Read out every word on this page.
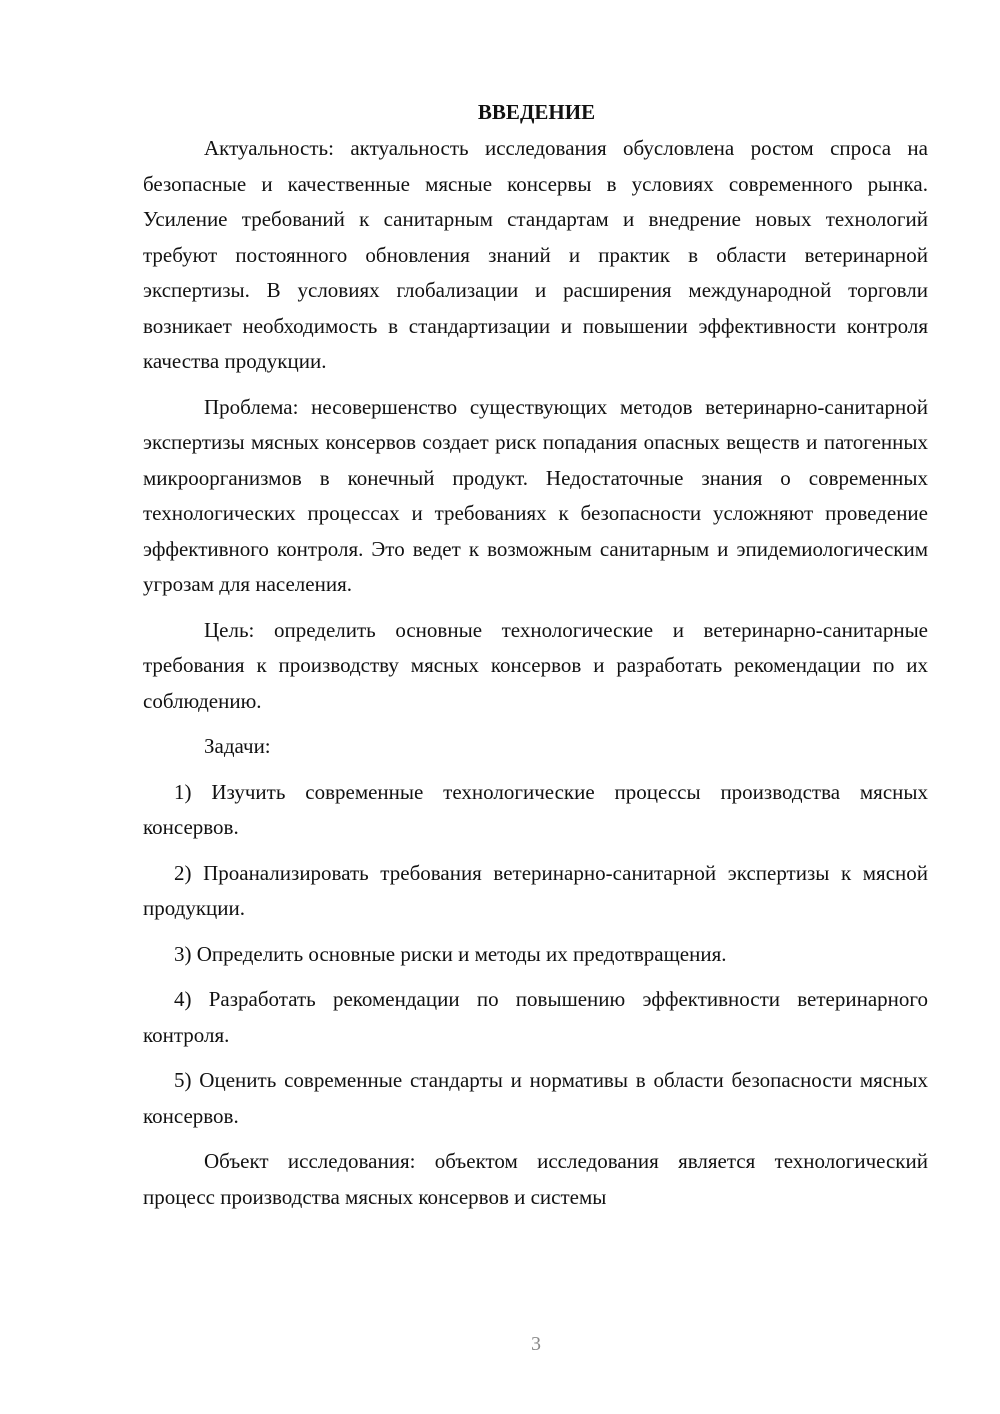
ВВЕДЕНИЕ

Актуальность: актуальность исследования обусловлена ростом спроса на безопасные и качественные мясные консервы в условиях современного рынка. Усиление требований к санитарным стандартам и внедрение новых технологий требуют постоянного обновления знаний и практик в области ветеринарной экспертизы. В условиях глобализации и расширения международной торговли возникает необходимость в стандартизации и повышении эффективности контроля качества продукции.

Проблема: несовершенство существующих методов ветеринарно-санитарной экспертизы мясных консервов создает риск попадания опасных веществ и патогенных микроорганизмов в конечный продукт. Недостаточные знания о современных технологических процессах и требованиях к безопасности усложняют проведение эффективного контроля. Это ведет к возможным санитарным и эпидемиологическим угрозам для населения.

Цель: определить основные технологические и ветеринарно-санитарные требования к производству мясных консервов и разработать рекомендации по их соблюдению.

Задачи:

1) Изучить современные технологические процессы производства мясных консервов.

2) Проанализировать требования ветеринарно-санитарной экспертизы к мясной продукции.

3) Определить основные риски и методы их предотвращения.

4) Разработать рекомендации по повышению эффективности ветеринарного контроля.

5) Оценить современные стандарты и нормативы в области безопасности мясных консервов.

Объект исследования: объектом исследования является технологический процесс производства мясных консервов и системы

3
